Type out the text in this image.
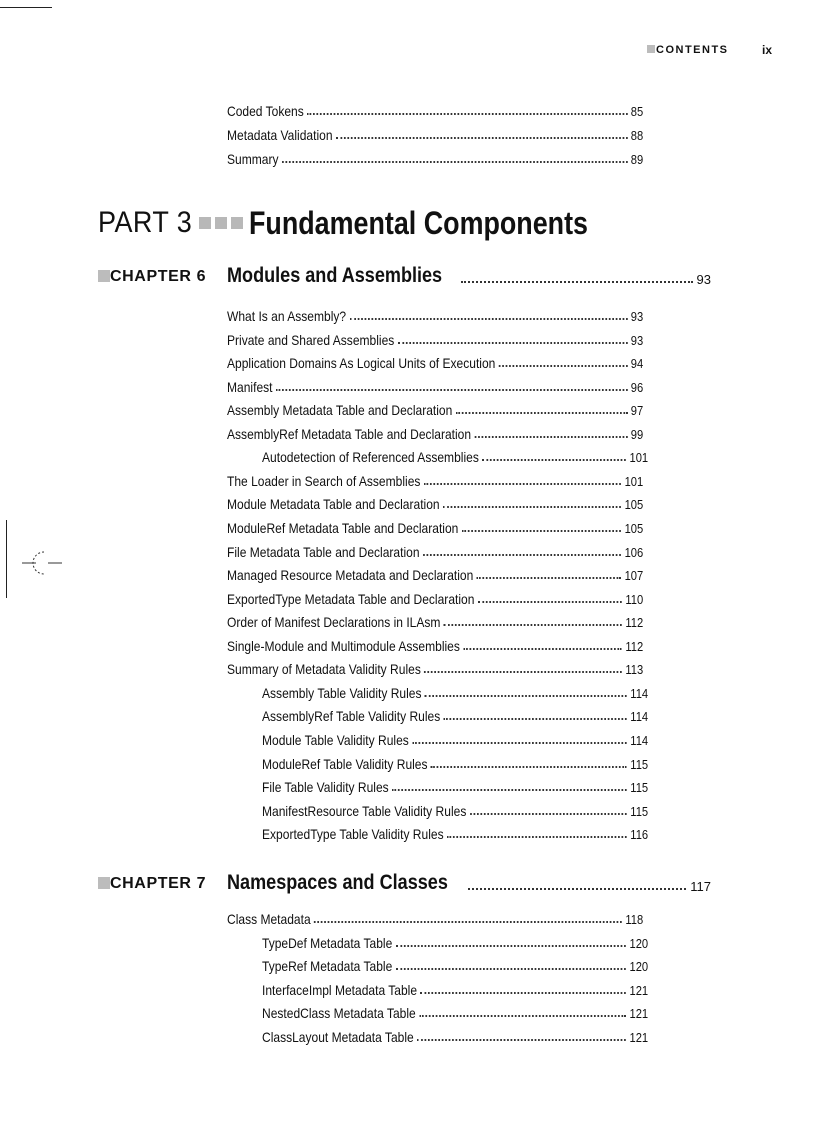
CONTENTS	ix
Coded Tokens	85
Metadata Validation	88
Summary	89
PART 3 Fundamental Components
CHAPTER 6 Modules and Assemblies	93
What Is an Assembly?	93
Private and Shared Assemblies	93
Application Domains As Logical Units of Execution	94
Manifest	96
Assembly Metadata Table and Declaration	97
AssemblyRef Metadata Table and Declaration	99
Autodetection of Referenced Assemblies	101
The Loader in Search of Assemblies	101
Module Metadata Table and Declaration	105
ModuleRef Metadata Table and Declaration	105
File Metadata Table and Declaration	106
Managed Resource Metadata and Declaration	107
ExportedType Metadata Table and Declaration	110
Order of Manifest Declarations in ILAsm	112
Single-Module and Multimodule Assemblies	112
Summary of Metadata Validity Rules	113
Assembly Table Validity Rules	114
AssemblyRef Table Validity Rules	114
Module Table Validity Rules	114
ModuleRef Table Validity Rules	115
File Table Validity Rules	115
ManifestResource Table Validity Rules	115
ExportedType Table Validity Rules	116
CHAPTER 7 Namespaces and Classes	117
Class Metadata	118
TypeDef Metadata Table	120
TypeRef Metadata Table	120
InterfaceImpl Metadata Table	121
NestedClass Metadata Table	121
ClassLayout Metadata Table	121
